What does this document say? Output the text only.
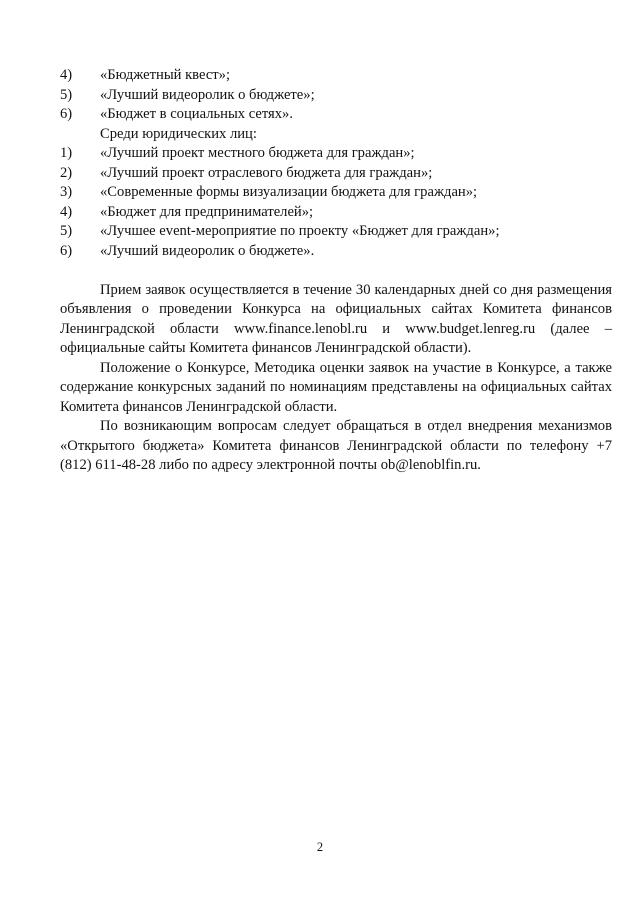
4)	«Бюджетный квест»;
5)	«Лучший видеоролик о бюджете»;
6)	«Бюджет в социальных сетях».
Среди юридических лиц:
1)	«Лучший проект местного бюджета для граждан»;
2)	«Лучший проект отраслевого бюджета для граждан»;
3)	«Современные формы визуализации бюджета для граждан»;
4)	«Бюджет для предпринимателей»;
5)	«Лучшее event-мероприятие по проекту «Бюджет для граждан»;
6)	«Лучший видеоролик о бюджете».

Прием заявок осуществляется в течение 30 календарных дней со дня размещения объявления о проведении Конкурса на официальных сайтах Комитета финансов Ленинградской области www.finance.lenobl.ru и www.budget.lenreg.ru (далее – официальные сайты Комитета финансов Ленинградской области).

Положение о Конкурсе, Методика оценки заявок на участие в Конкурсе, а также содержание конкурсных заданий по номинациям представлены на официальных сайтах Комитета финансов Ленинградской области.

По возникающим вопросам следует обращаться в отдел внедрения механизмов «Открытого бюджета» Комитета финансов Ленинградской области по телефону +7 (812) 611-48-28 либо по адресу электронной почты ob@lenoblfin.ru.

2
